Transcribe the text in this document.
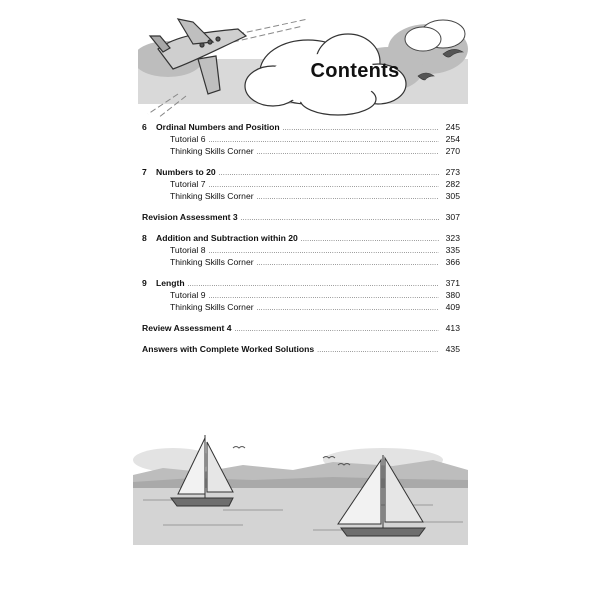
Contents
6 Ordinal Numbers and Position .....	245
Tutorial 6 .....	254
Thinking Skills Corner .....	270
7 Numbers to 20 .....	273
Tutorial 7 .....	282
Thinking Skills Corner .....	305
Revision Assessment 3 .....	307
8 Addition and Subtraction within 20 .....	323
Tutorial 8 .....	335
Thinking Skills Corner .....	366
9 Length .....	371
Tutorial 9 .....	380
Thinking Skills Corner .....	409
Review Assessment 4 .....	413
Answers with Complete Worked Solutions .....	435
